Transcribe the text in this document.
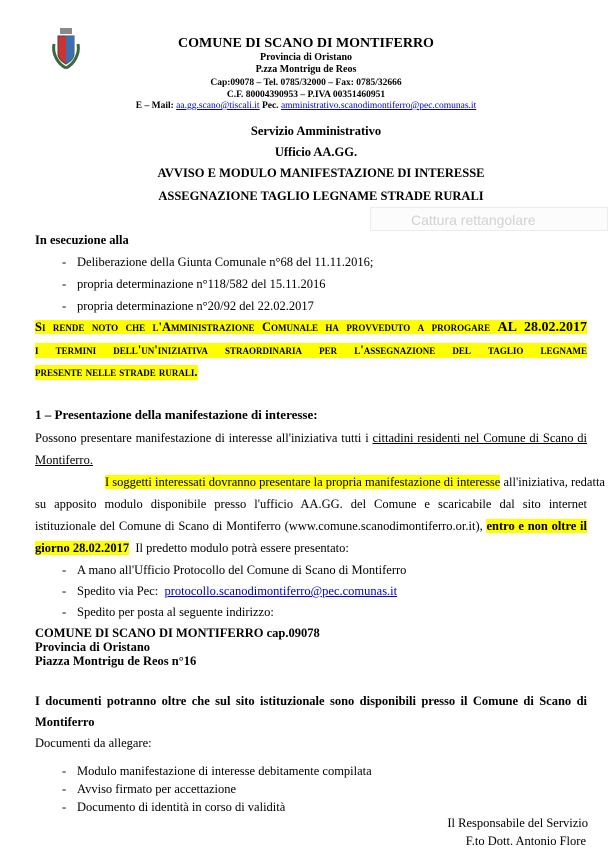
COMUNE DI SCANO DI MONTIFERRO
Provincia di Oristano
P.zza Montrigu de Reos
Cap:09078 – Tel. 0785/32000 – Fax: 0785/32666
C.F. 80004390953 – P.IVA 00351460951
E – Mail: aa.gg.scano@tiscali.it Pec. amministrativo.scanodimontiferro@pec.comunas.it
Servizio Amministrativo
Ufficio AA.GG.
AVVISO E MODULO MANIFESTAZIONE DI INTERESSE
ASSEGNAZIONE TAGLIO LEGNAME STRADE RURALI
Cattura rettangolare
In esecuzione alla
- Deliberazione della Giunta Comunale n°68 del 11.11.2016;
- propria determinazione n°118/582 del 15.11.2016
- propria determinazione n°20/92 del 22.02.2017
Si rende noto che l'Amministrazione Comunale ha provveduto a prorogare AL 28.02.2017
i termini dell'un'iniziativa straordinaria per l'assegnazione del taglio legname
presente nelle strade rurali.
1 – Presentazione della manifestazione di interesse:
Possono presentare manifestazione di interesse all'iniziativa tutti i cittadini residenti nel Comune di Scano di
Montiferro.
I soggetti interessati dovranno presentare la propria manifestazione di interesse all'iniziativa, redatta
su apposito modulo disponibile presso l'ufficio AA.GG. del Comune e scaricabile dal sito internet
istituzionale del Comune di Scano di Montiferro (www.comune.scanodimontiferro.or.it), entro e non oltre il
giorno 28.02.2017 Il predetto modulo potrà essere presentato:
- A mano all'Ufficio Protocollo del Comune di Scano di Montiferro
- Spedito via Pec: protocollo.scanodimontiferro@pec.comunas.it
- Spedito per posta al seguente indirizzo:
COMUNE DI SCANO DI MONTIFERRO cap.09078
Provincia di Oristano
Piazza Montrigu de Reos n°16
I documenti potranno oltre che sul sito istituzionale sono disponibili presso il Comune di Scano di
Montiferro
Documenti da allegare:
- Modulo manifestazione di interesse debitamente compilata
- Avviso firmato per accettazione
- Documento di identità in corso di validità
Il Responsabile del Servizio
F.to Dott. Antonio Flore
